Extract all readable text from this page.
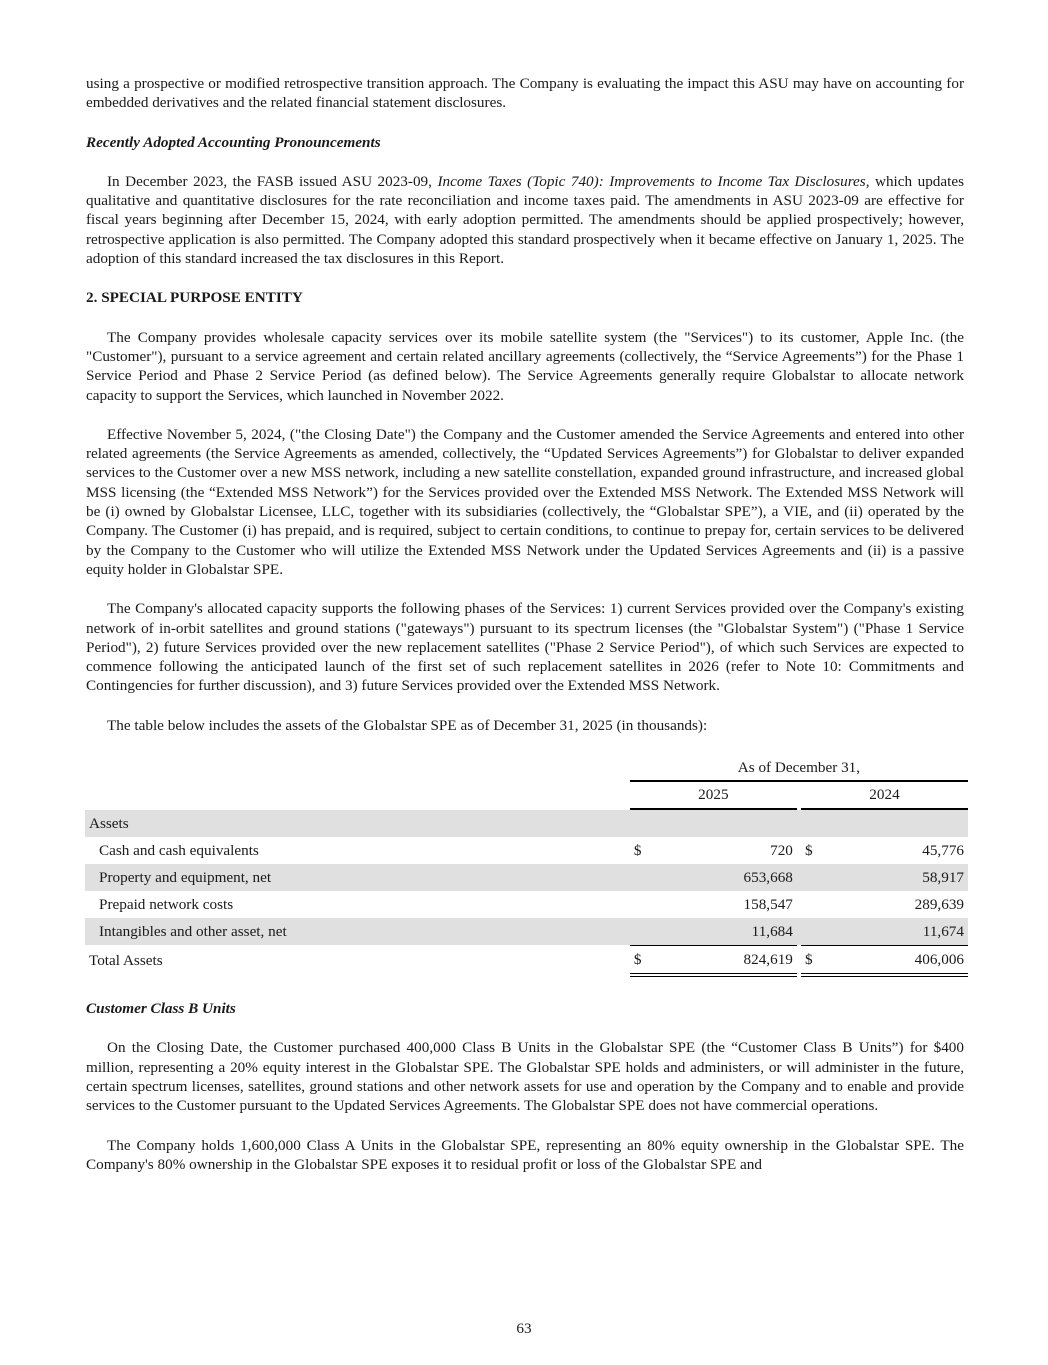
using a prospective or modified retrospective transition approach. The Company is evaluating the impact this ASU may have on accounting for embedded derivatives and the related financial statement disclosures.

Recently Adopted Accounting Pronouncements

In December 2023, the FASB issued ASU 2023-09, Income Taxes (Topic 740): Improvements to Income Tax Disclosures, which updates qualitative and quantitative disclosures for the rate reconciliation and income taxes paid. The amendments in ASU 2023-09 are effective for fiscal years beginning after December 15, 2024, with early adoption permitted. The amendments should be applied prospectively; however, retrospective application is also permitted. The Company adopted this standard prospectively when it became effective on January 1, 2025. The adoption of this standard increased the tax disclosures in this Report.

2. SPECIAL PURPOSE ENTITY

The Company provides wholesale capacity services over its mobile satellite system (the "Services") to its customer, Apple Inc. (the "Customer"), pursuant to a service agreement and certain related ancillary agreements (collectively, the “Service Agreements”) for the Phase 1 Service Period and Phase 2 Service Period (as defined below). The Service Agreements generally require Globalstar to allocate network capacity to support the Services, which launched in November 2022.

Effective November 5, 2024, ("the Closing Date") the Company and the Customer amended the Service Agreements and entered into other related agreements (the Service Agreements as amended, collectively, the “Updated Services Agreements”) for Globalstar to deliver expanded services to the Customer over a new MSS network, including a new satellite constellation, expanded ground infrastructure, and increased global MSS licensing (the “Extended MSS Network”) for the Services provided over the Extended MSS Network. The Extended MSS Network will be (i) owned by Globalstar Licensee, LLC, together with its subsidiaries (collectively, the “Globalstar SPE”), a VIE, and (ii) operated by the Company. The Customer (i) has prepaid, and is required, subject to certain conditions, to continue to prepay for, certain services to be delivered by the Company to the Customer who will utilize the Extended MSS Network under the Updated Services Agreements and (ii) is a passive equity holder in Globalstar SPE.

The Company's allocated capacity supports the following phases of the Services: 1) current Services provided over the Company's existing network of in-orbit satellites and ground stations ("gateways") pursuant to its spectrum licenses (the "Globalstar System") ("Phase 1 Service Period"), 2) future Services provided over the new replacement satellites ("Phase 2 Service Period"), of which such Services are expected to commence following the anticipated launch of the first set of such replacement satellites in 2026 (refer to Note 10: Commitments and Contingencies for further discussion), and 3) future Services provided over the Extended MSS Network.

The table below includes the assets of the Globalstar SPE as of December 31, 2025 (in thousands):

	As of December 31,				
	2025			2024	
Assets					
Cash and cash equivalents	$	720		$	45,776
Property and equipment, net		653,668			58,917
Prepaid network costs		158,547			289,639
Intangibles and other asset, net		11,684			11,674
Total Assets	$	824,619		$	406,006

Customer Class B Units

On the Closing Date, the Customer purchased 400,000 Class B Units in the Globalstar SPE (the “Customer Class B Units”) for $400 million, representing a 20% equity interest in the Globalstar SPE. The Globalstar SPE holds and administers, or will administer in the future, certain spectrum licenses, satellites, ground stations and other network assets for use and operation by the Company and to enable and provide services to the Customer pursuant to the Updated Services Agreements. The Globalstar SPE does not have commercial operations.

The Company holds 1,600,000 Class A Units in the Globalstar SPE, representing an 80% equity ownership in the Globalstar SPE. The Company's 80% ownership in the Globalstar SPE exposes it to residual profit or loss of the Globalstar SPE and

63
